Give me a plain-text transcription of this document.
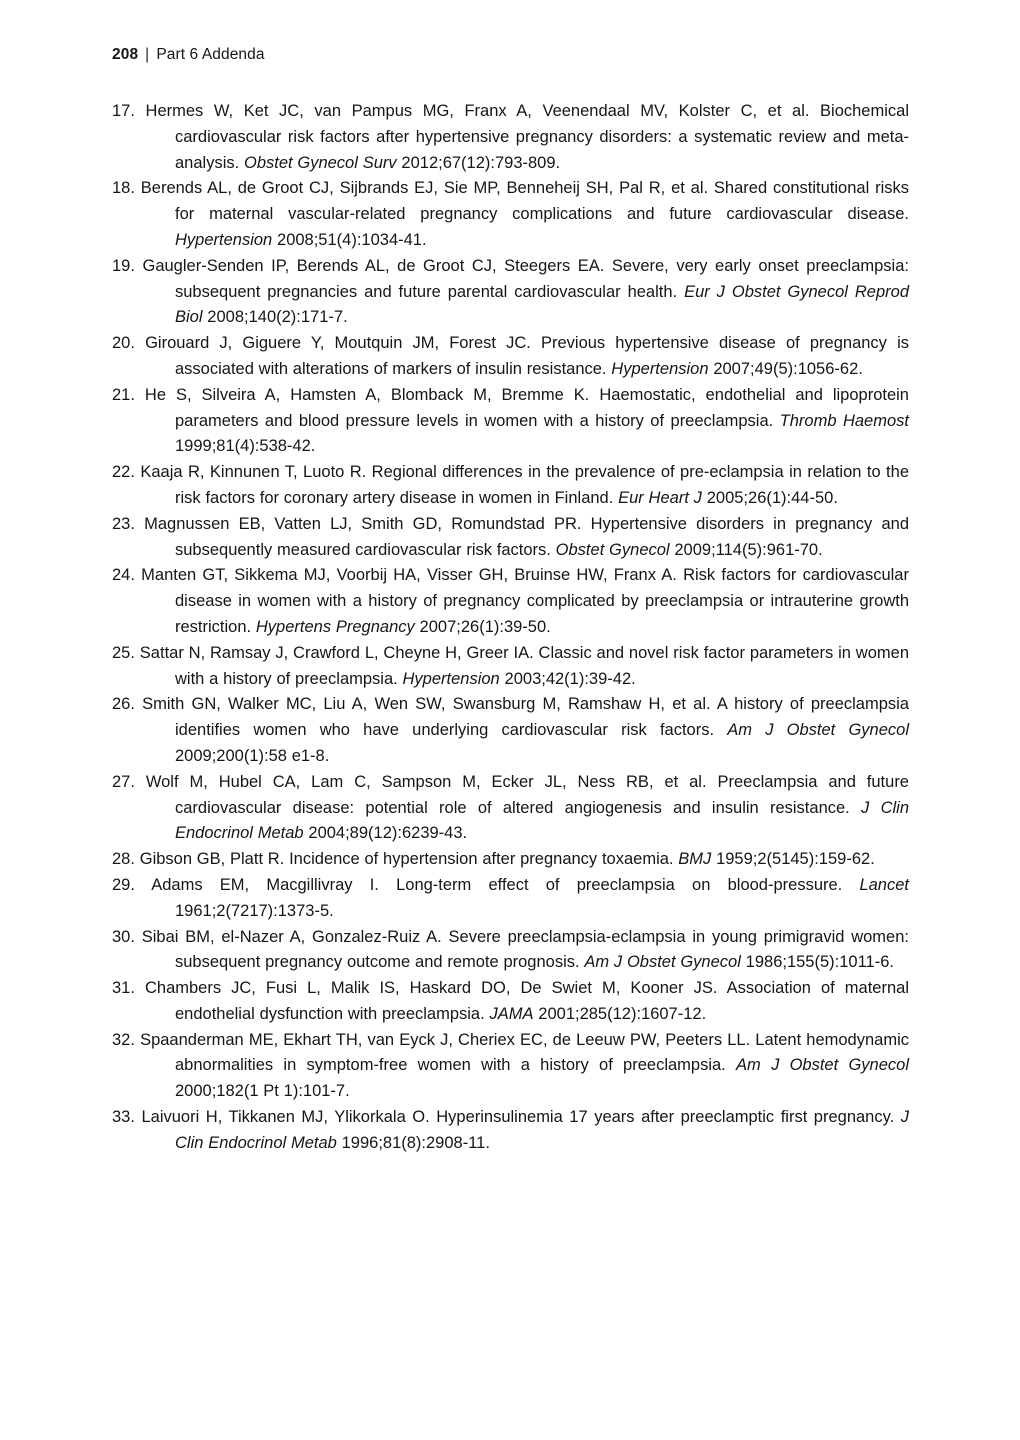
208 | Part 6 Addenda
17. Hermes W, Ket JC, van Pampus MG, Franx A, Veenendaal MV, Kolster C, et al. Biochemical cardiovascular risk factors after hypertensive pregnancy disorders: a systematic review and meta-analysis. Obstet Gynecol Surv 2012;67(12):793-809.
18. Berends AL, de Groot CJ, Sijbrands EJ, Sie MP, Benneheij SH, Pal R, et al. Shared constitutional risks for maternal vascular-related pregnancy complications and future cardiovascular disease. Hypertension 2008;51(4):1034-41.
19. Gaugler-Senden IP, Berends AL, de Groot CJ, Steegers EA. Severe, very early onset preeclampsia: subsequent pregnancies and future parental cardiovascular health. Eur J Obstet Gynecol Reprod Biol 2008;140(2):171-7.
20. Girouard J, Giguere Y, Moutquin JM, Forest JC. Previous hypertensive disease of pregnancy is associated with alterations of markers of insulin resistance. Hypertension 2007;49(5):1056-62.
21. He S, Silveira A, Hamsten A, Blomback M, Bremme K. Haemostatic, endothelial and lipoprotein parameters and blood pressure levels in women with a history of preeclampsia. Thromb Haemost 1999;81(4):538-42.
22. Kaaja R, Kinnunen T, Luoto R. Regional differences in the prevalence of pre-eclampsia in relation to the risk factors for coronary artery disease in women in Finland. Eur Heart J 2005;26(1):44-50.
23. Magnussen EB, Vatten LJ, Smith GD, Romundstad PR. Hypertensive disorders in pregnancy and subsequently measured cardiovascular risk factors. Obstet Gynecol 2009;114(5):961-70.
24. Manten GT, Sikkema MJ, Voorbij HA, Visser GH, Bruinse HW, Franx A. Risk factors for cardiovascular disease in women with a history of pregnancy complicated by preeclampsia or intrauterine growth restriction. Hypertens Pregnancy 2007;26(1):39-50.
25. Sattar N, Ramsay J, Crawford L, Cheyne H, Greer IA. Classic and novel risk factor parameters in women with a history of preeclampsia. Hypertension 2003;42(1):39-42.
26. Smith GN, Walker MC, Liu A, Wen SW, Swansburg M, Ramshaw H, et al. A history of preeclampsia identifies women who have underlying cardiovascular risk factors. Am J Obstet Gynecol 2009;200(1):58 e1-8.
27. Wolf M, Hubel CA, Lam C, Sampson M, Ecker JL, Ness RB, et al. Preeclampsia and future cardiovascular disease: potential role of altered angiogenesis and insulin resistance. J Clin Endocrinol Metab 2004;89(12):6239-43.
28. Gibson GB, Platt R. Incidence of hypertension after pregnancy toxaemia. BMJ 1959;2(5145):159-62.
29. Adams EM, Macgillivray I. Long-term effect of preeclampsia on blood-pressure. Lancet 1961;2(7217):1373-5.
30. Sibai BM, el-Nazer A, Gonzalez-Ruiz A. Severe preeclampsia-eclampsia in young primigravid women: subsequent pregnancy outcome and remote prognosis. Am J Obstet Gynecol 1986;155(5):1011-6.
31. Chambers JC, Fusi L, Malik IS, Haskard DO, De Swiet M, Kooner JS. Association of maternal endothelial dysfunction with preeclampsia. JAMA 2001;285(12):1607-12.
32. Spaanderman ME, Ekhart TH, van Eyck J, Cheriex EC, de Leeuw PW, Peeters LL. Latent hemodynamic abnormalities in symptom-free women with a history of preeclampsia. Am J Obstet Gynecol 2000;182(1 Pt 1):101-7.
33. Laivuori H, Tikkanen MJ, Ylikorkala O. Hyperinsulinemia 17 years after preeclamptic first pregnancy. J Clin Endocrinol Metab 1996;81(8):2908-11.
